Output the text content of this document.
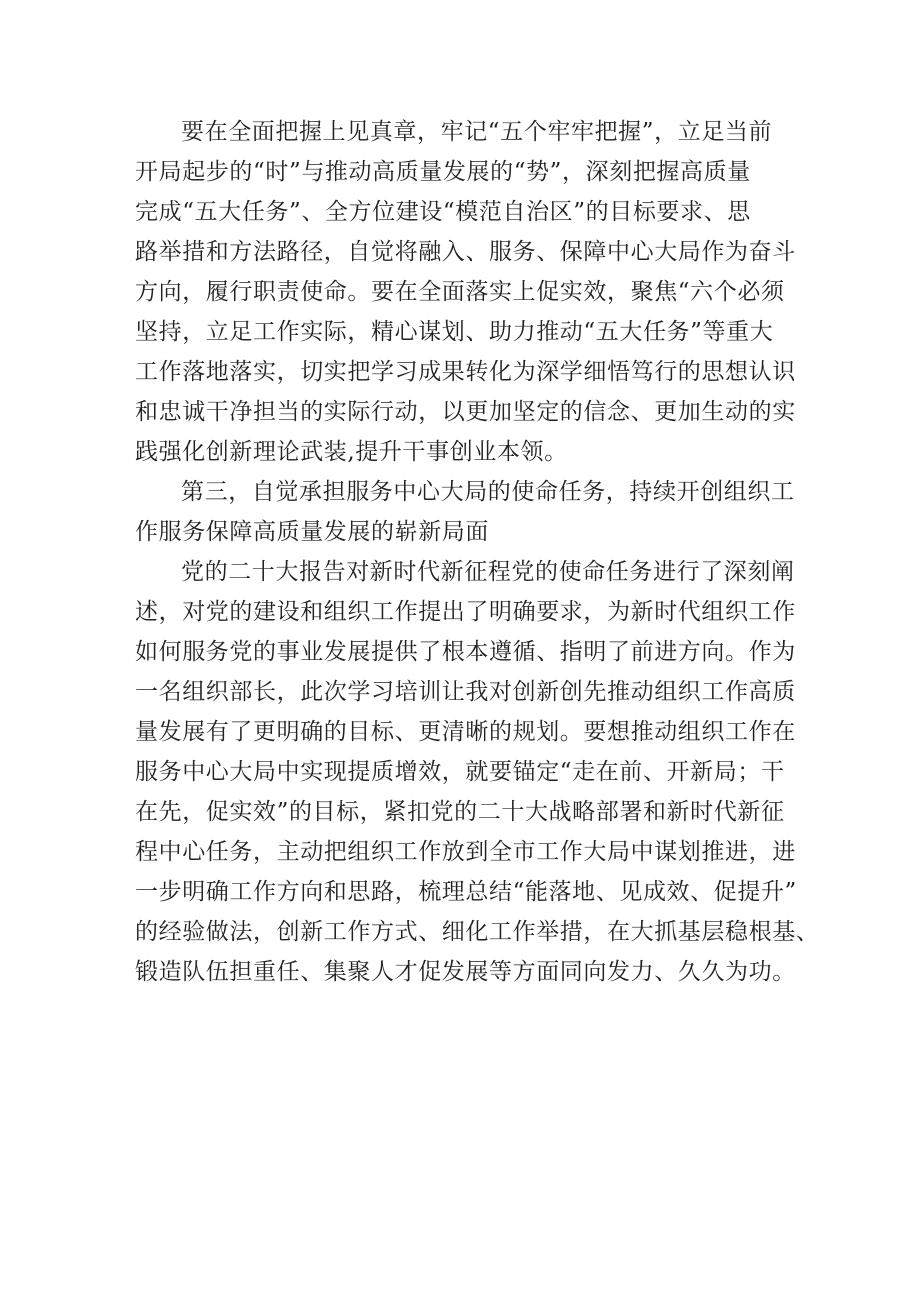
要在全面把握上见真章，牢记“五个牢牢把握”，立足当前
开局起步的“时”与推动高质量发展的“势”，深刻把握高质量
完成“五大任务”、全方位建设“模范自治区”的目标要求、思
路举措和方法路径，自觉将融入、服务、保障中心大局作为奋斗
方向，履行职责使命。要在全面落实上促实效，聚焦“六个必须
坚持，立足工作实际，精心谋划、助力推动“五大任务”等重大
工作落地落实，切实把学习成果转化为深学细悟笃行的思想认识
和忠诚干净担当的实际行动，以更加坚定的信念、更加生动的实
践强化创新理论武装,提升干事创业本领。
第三，自觉承担服务中心大局的使命任务，持续开创组织工
作服务保障高质量发展的崭新局面
党的二十大报告对新时代新征程党的使命任务进行了深刻阐
述，对党的建设和组织工作提出了明确要求，为新时代组织工作
如何服务党的事业发展提供了根本遵循、指明了前进方向。作为
一名组织部长，此次学习培训让我对创新创先推动组织工作高质
量发展有了更明确的目标、更清晰的规划。要想推动组织工作在
服务中心大局中实现提质增效，就要锚定“走在前、开新局；干
在先，促实效”的目标，紧扣党的二十大战略部署和新时代新征
程中心任务，主动把组织工作放到全市工作大局中谋划推进，进
一步明确工作方向和思路，梳理总结“能落地、见成效、促提升”
的经验做法，创新工作方式、细化工作举措，在大抓基层稳根基、
锻造队伍担重任、集聚人才促发展等方面同向发力、久久为功。
